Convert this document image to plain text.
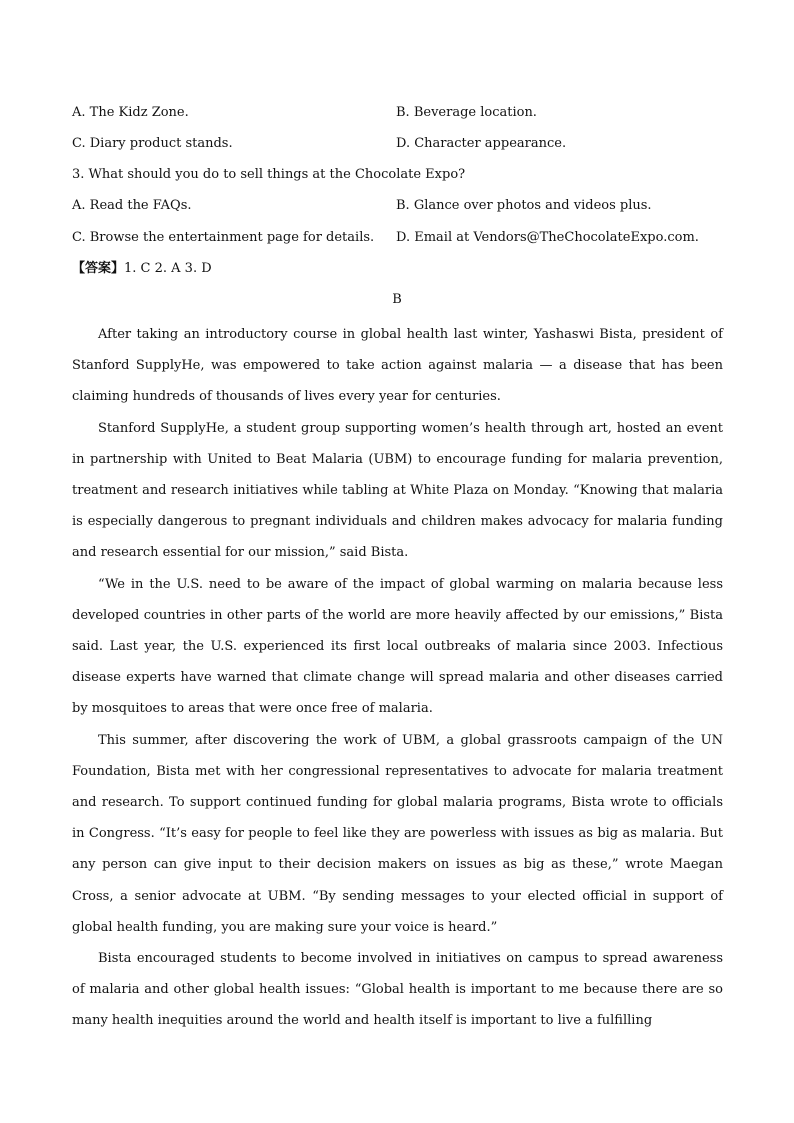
A. The Kidz Zone.	B. Beverage location.
C. Diary product stands.	D. Character appearance.
3. What should you do to sell things at the Chocolate Expo?
A. Read the FAQs.	B. Glance over photos and videos plus.
C. Browse the entertainment page for details. D. Email at Vendors@TheChocolateExpo.com.
【答案】1. C 2. A 3. D
B

After taking an introductory course in global health last winter, Yashaswi Bista, president of Stanford SupplyHe, was empowered to take action against malaria — a disease that has been claiming hundreds of thousands of lives every year for centuries.

Stanford SupplyHe, a student group supporting women’s health through art, hosted an event in partnership with United to Beat Malaria (UBM) to encourage funding for malaria prevention, treatment and research initiatives while tabling at White Plaza on Monday. “Knowing that malaria is especially dangerous to pregnant individuals and children makes advocacy for malaria funding and research essential for our mission,” said Bista.

“We in the U.S. need to be aware of the impact of global warming on malaria because less developed countries in other parts of the world are more heavily affected by our emissions,” Bista said. Last year, the U.S. experienced its first local outbreaks of malaria since 2003. Infectious disease experts have warned that climate change will spread malaria and other diseases carried by mosquitoes to areas that were once free of malaria.

This summer, after discovering the work of UBM, a global grassroots campaign of the UN Foundation, Bista met with her congressional representatives to advocate for malaria treatment and research. To support continued funding for global malaria programs, Bista wrote to officials in Congress. “It’s easy for people to feel like they are powerless with issues as big as malaria. But any person can give input to their decision makers on issues as big as these,” wrote Maegan Cross, a senior advocate at UBM. “By sending messages to your elected official in support of global health funding, you are making sure your voice is heard.”

Bista encouraged students to become involved in initiatives on campus to spread awareness of malaria and other global health issues: “Global health is important to me because there are so many health inequities around the world and health itself is important to live a fulfilling
